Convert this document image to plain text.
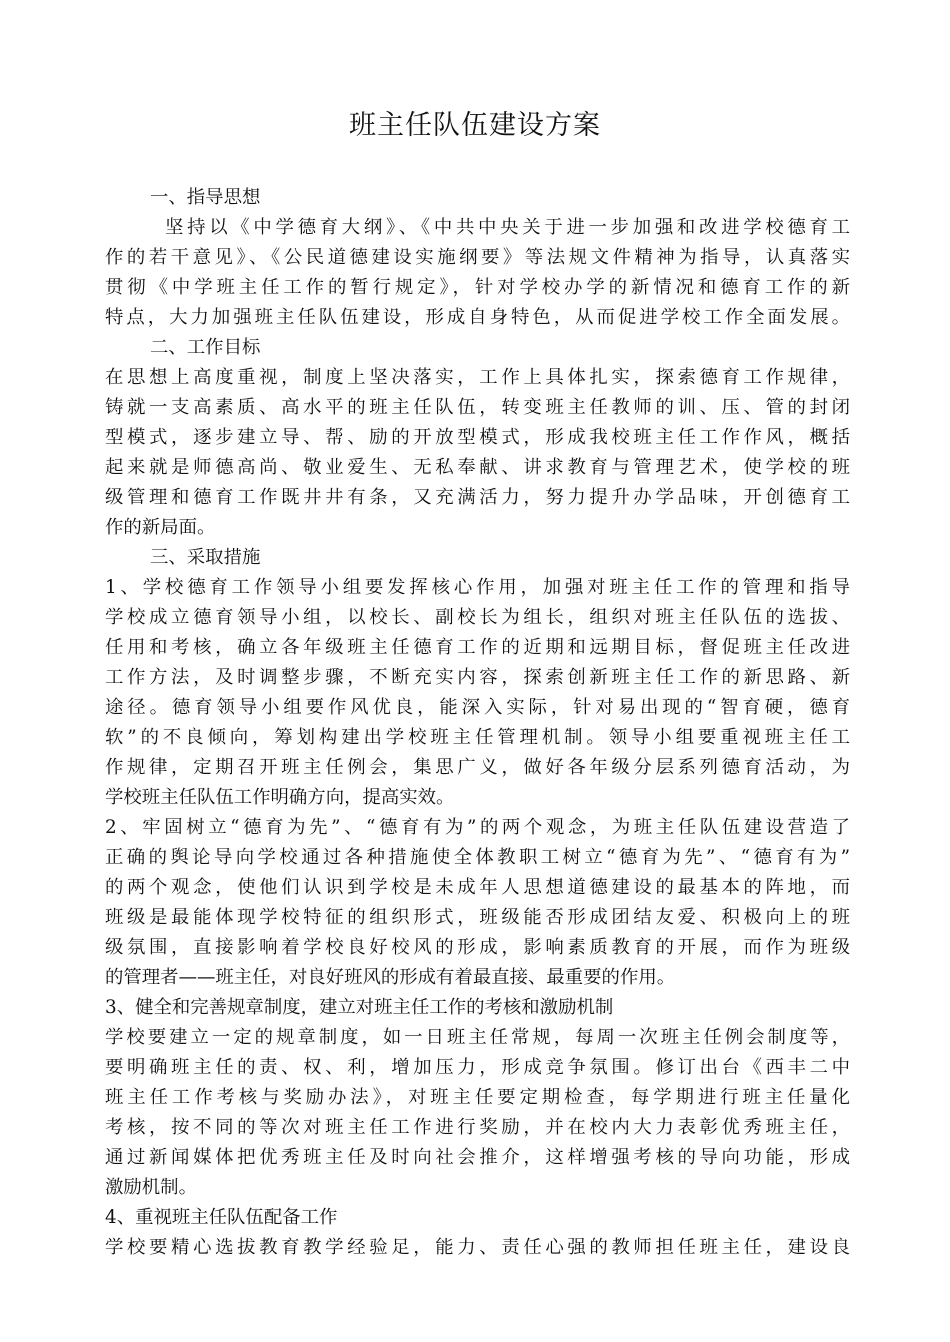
班主任队伍建设方案
一、指导思想
坚持以《中学德育大纲》、《中共中央关于进一步加强和改进学校德育工
作的若干意见》、《公民道德建设实施纲要》等法规文件精神为指导，认真落实
贯彻《中学班主任工作的暂行规定》，针对学校办学的新情况和德育工作的新
特点，大力加强班主任队伍建设，形成自身特色，从而促进学校工作全面发展。
二、工作目标
在思想上高度重视，制度上坚决落实，工作上具体扎实，探索德育工作规律，
铸就一支高素质、高水平的班主任队伍，转变班主任教师的训、压、管的封闭
型模式，逐步建立导、帮、励的开放型模式，形成我校班主任工作作风，概括
起来就是师德高尚、敬业爱生、无私奉献、讲求教育与管理艺术，使学校的班
级管理和德育工作既井井有条，又充满活力，努力提升办学品味，开创德育工
作的新局面。
三、采取措施
1、学校德育工作领导小组要发挥核心作用，加强对班主任工作的管理和指导
学校成立德育领导小组，以校长、副校长为组长，组织对班主任队伍的选拔、
任用和考核，确立各年级班主任德育工作的近期和远期目标，督促班主任改进
工作方法，及时调整步骤，不断充实内容，探索创新班主任工作的新思路、新
途径。德育领导小组要作风优良，能深入实际，针对易出现的“智育硬，德育
软”的不良倾向，筹划构建出学校班主任管理机制。领导小组要重视班主任工
作规律，定期召开班主任例会，集思广义，做好各年级分层系列德育活动，为
学校班主任队伍工作明确方向，提高实效。
2、牢固树立“德育为先”、“德育有为”的两个观念，为班主任队伍建设营造了
正确的舆论导向学校通过各种措施使全体教职工树立“德育为先”、“德育有为”
的两个观念，使他们认识到学校是未成年人思想道德建设的最基本的阵地，而
班级是最能体现学校特征的组织形式，班级能否形成团结友爱、积极向上的班
级氛围，直接影响着学校良好校风的形成，影响素质教育的开展，而作为班级
的管理者——班主任，对良好班风的形成有着最直接、最重要的作用。
3、健全和完善规章制度，建立对班主任工作的考核和激励机制
学校要建立一定的规章制度，如一日班主任常规，每周一次班主任例会制度等，
要明确班主任的责、权、利，增加压力，形成竞争氛围。修订出台《西丰二中
班主任工作考核与奖励办法》，对班主任要定期检查，每学期进行班主任量化
考核，按不同的等次对班主任工作进行奖励，并在校内大力表彰优秀班主任，
通过新闻媒体把优秀班主任及时向社会推介，这样增强考核的导向功能，形成
激励机制。
4、重视班主任队伍配备工作
学校要精心选拔教育教学经验足，能力、责任心强的教师担任班主任，建设良
